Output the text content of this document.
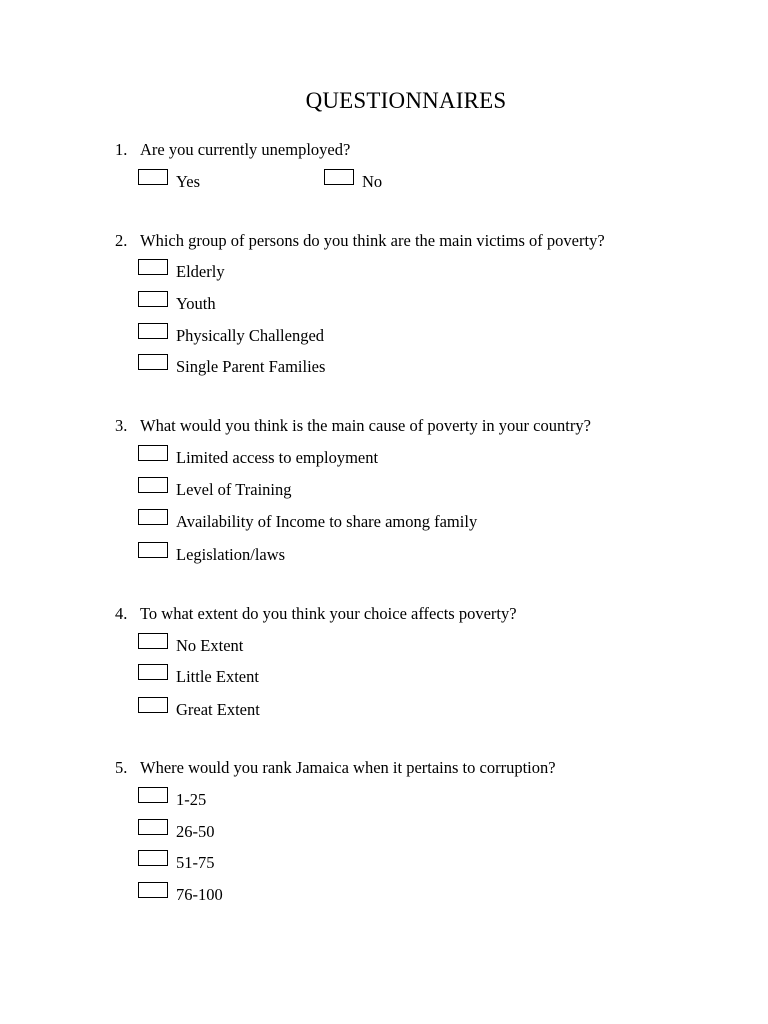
QUESTIONNAIRES
1. Are you currently unemployed?
Yes	No
2. Which group of persons do you think are the main victims of poverty?
Elderly
Youth
Physically Challenged
Single Parent Families
3. What would you think is the main cause of poverty in your country?
Limited access to employment
Level of Training
Availability of Income to share among family
Legislation/laws
4. To what extent do you think your choice affects poverty?
No Extent
Little Extent
Great Extent
5. Where would you rank Jamaica when it pertains to corruption?
1-25
26-50
51-75
76-100
